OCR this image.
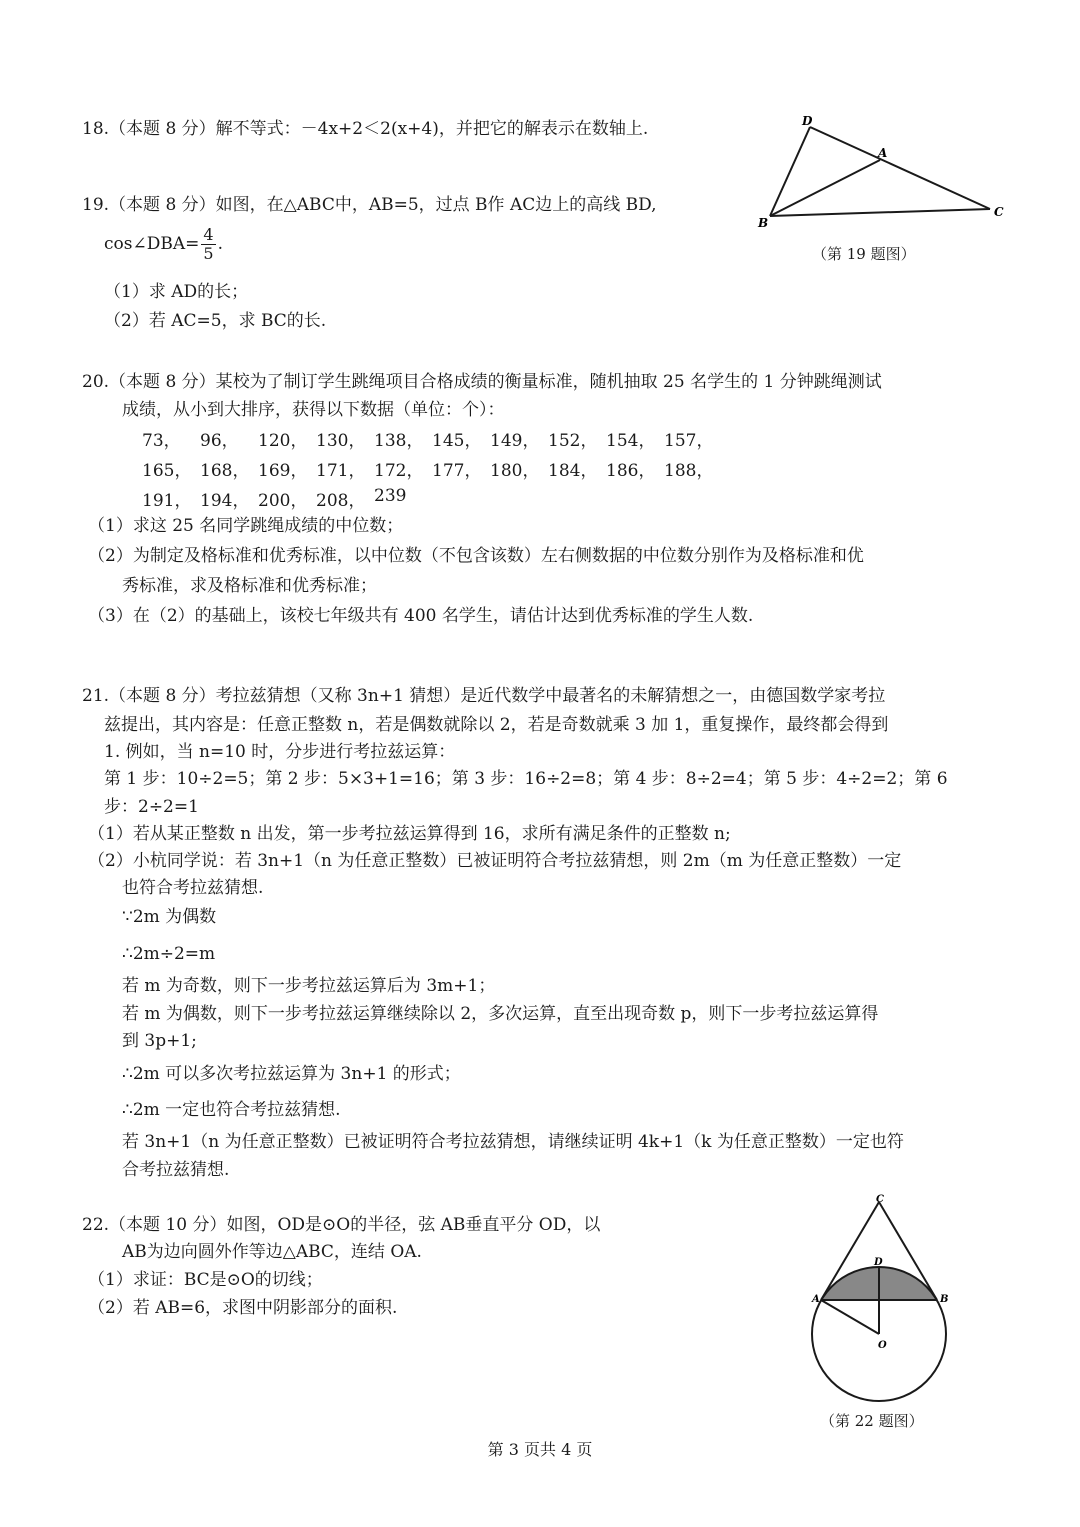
18.（本题 8 分）解不等式：－4x+2＜2(x+4)，并把它的解表示在数轴上.
19.（本题 8 分）如图，在△ABC中，AB=5，过点 B作 AC边上的高线 BD,
cos∠DBA= $\frac{4}{5}$ .
（1）求 AD的长；
（2）若 AC=5，求 BC的长.
D
A
B
C
（第 19 题图）
20.（本题 8 分）某校为了制订学生跳绳项目合格成绩的衡量标准，随机抽取 25 名学生的 1 分钟跳绳测试
成绩，从小到大排序，获得以下数据（单位：个）：
73，	96，	120， 130， 138， 145， 149， 152， 154， 157，
165， 168， 169， 171， 172， 177， 180， 184， 186， 188，
191， 194， 200， 208， 239
（1）求这 25 名同学跳绳成绩的中位数；
（2）为制定及格标准和优秀标准，以中位数（不包含该数）左右侧数据的中位数分别作为及格标准和优
秀标准，求及格标准和优秀标准；
（3）在（2）的基础上，该校七年级共有 400 名学生，请估计达到优秀标准的学生人数.
21.（本题 8 分）考拉兹猜想（又称 3n+1 猜想）是近代数学中最著名的未解猜想之一，由德国数学家考拉
兹提出，其内容是：任意正整数 n，若是偶数就除以 2，若是奇数就乘 3 加 1，重复操作，最终都会得到
1. 例如，当 n=10 时，分步进行考拉兹运算：
第 1 步：10÷2=5；第 2 步：5×3+1=16；第 3 步：16÷2=8；第 4 步：8÷2=4；第 5 步：4÷2=2；第 6
步：2÷2=1
（1）若从某正整数 n 出发，第一步考拉兹运算得到 16，求所有满足条件的正整数 n;
（2）小杭同学说：若 3n+1（n 为任意正整数）已被证明符合考拉兹猜想，则 2m（m 为任意正整数）一定
也符合考拉兹猜想.
∵2m 为偶数
∴2m÷2=m
若 m 为奇数，则下一步考拉兹运算后为 3m+1；
若 m 为偶数，则下一步考拉兹运算继续除以 2，多次运算，直至出现奇数 p，则下一步考拉兹运算得
到 3p+1;
∴2m 可以多次考拉兹运算为 3n+1 的形式；
∴2m 一定也符合考拉兹猜想.
若 3n+1（n 为任意正整数）已被证明符合考拉兹猜想，请继续证明 4k+1（k 为任意正整数）一定也符
合考拉兹猜想.
22.（本题 10 分）如图，OD是⊙O的半径，弦 AB垂直平分 OD，以
AB为边向圆外作等边△ABC，连结 OA.
（1）求证：BC是⊙O的切线；
（2）若 AB=6，求图中阴影部分的面积.
C
D
A	B
O
（第 22 题图）
第 3 页共 4 页
